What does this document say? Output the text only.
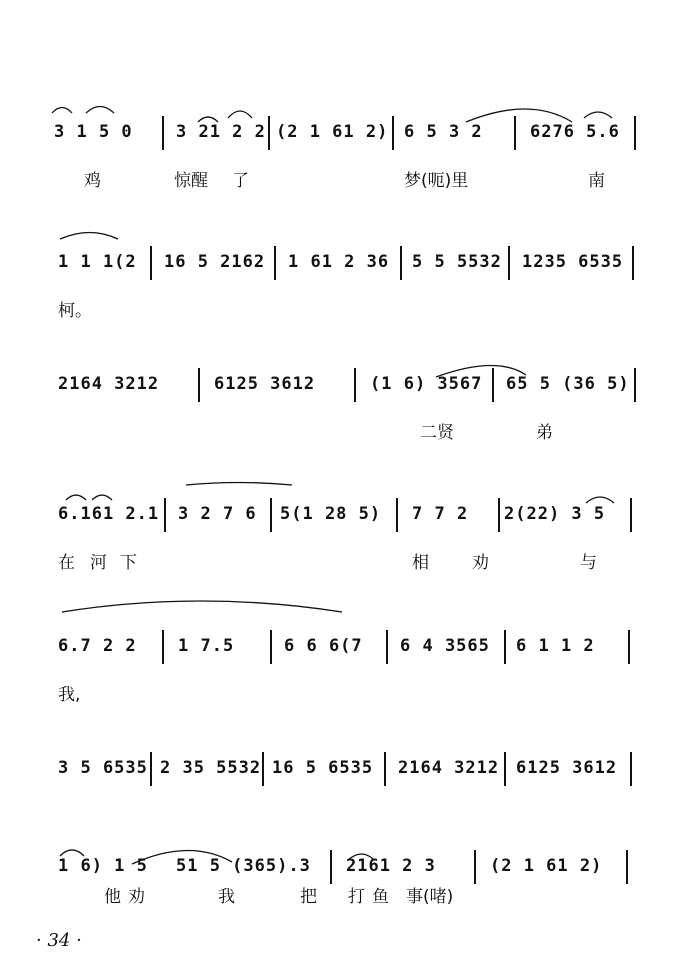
3 1 5 0	3 21 2 2 (2 1 61 2) 6 5 3 2	6276 5.6
鸡	惊醒 了	梦(呃)里	南
1 1 1(2 16 5 2162 1 61 2 36 5 5 5532 1235 6535
柯。
2164 3212	6125 3612	(1 6) 3567 65 5 (36 5)
二贤	弟
6.161 2.1 3 2 7 6 5(1 28 5) 7 7 2 2(22) 3 5
在 河 下	相	劝	与
6.7 2 2 1 7.5	6 6 6(7 6 4 3565 6 1 1 2
我,
3 5 6535 2 35 5532 16 5 6535 2164 3212 6125 3612
1 6) 1 5 51 5 (365).3 2161 2 3	(2 1 61 2)
他 劝	我	把 打 鱼 事(啫)
· 34 ·
